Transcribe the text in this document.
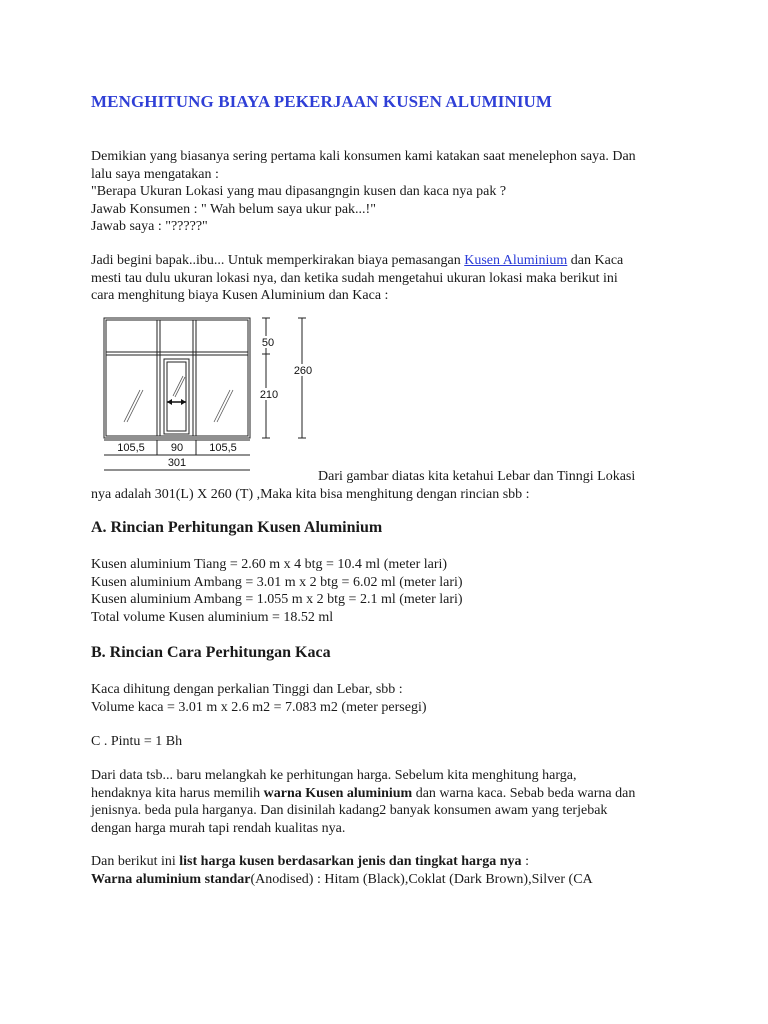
MENGHITUNG BIAYA PEKERJAAN KUSEN ALUMINIUM
Demikian yang biasanya sering pertama kali konsumen kami katakan saat menelephon saya. Dan
lalu saya mengatakan :
"Berapa Ukuran Lokasi yang mau dipasangngin kusen dan kaca nya pak ?
Jawab Konsumen : " Wah belum saya ukur pak...!"
Jawab saya : "?????"
Jadi begini bapak..ibu... Untuk memperkirakan biaya pemasangan Kusen Aluminium dan Kaca
mesti tau dulu ukuran lokasi nya, dan ketika sudah mengetahui ukuran lokasi maka berikut ini
cara menghitung biaya Kusen Aluminium dan Kaca :
105,5 90 105,5
301
50
210
260
Dari gambar diatas kita ketahui Lebar dan Tinngi Lokasi
nya adalah 301(L) X 260 (T) ,Maka kita bisa menghitung dengan rincian sbb :
A. Rincian Perhitungan Kusen Aluminium
Kusen aluminium Tiang = 2.60 m x 4 btg = 10.4 ml (meter lari)
Kusen aluminium Ambang = 3.01 m x 2 btg = 6.02 ml (meter lari)
Kusen aluminium Ambang = 1.055 m x 2 btg = 2.1 ml (meter lari)
Total volume Kusen aluminium = 18.52 ml
B. Rincian Cara Perhitungan Kaca
Kaca dihitung dengan perkalian Tinggi dan Lebar, sbb :
Volume kaca = 3.01 m x 2.6 m2 = 7.083 m2 (meter persegi)
C . Pintu = 1 Bh
Dari data tsb... baru melangkah ke perhitungan harga. Sebelum kita menghitung harga,
hendaknya kita harus memilih warna Kusen aluminium dan warna kaca. Sebab beda warna dan
jenisnya. beda pula harganya. Dan disinilah kadang2 banyak konsumen awam yang terjebak
dengan harga murah tapi rendah kualitas nya.
Dan berikut ini list harga kusen berdasarkan jenis dan tingkat harga nya :
Warna aluminium standar(Anodised) : Hitam (Black),Coklat (Dark Brown),Silver (CA
